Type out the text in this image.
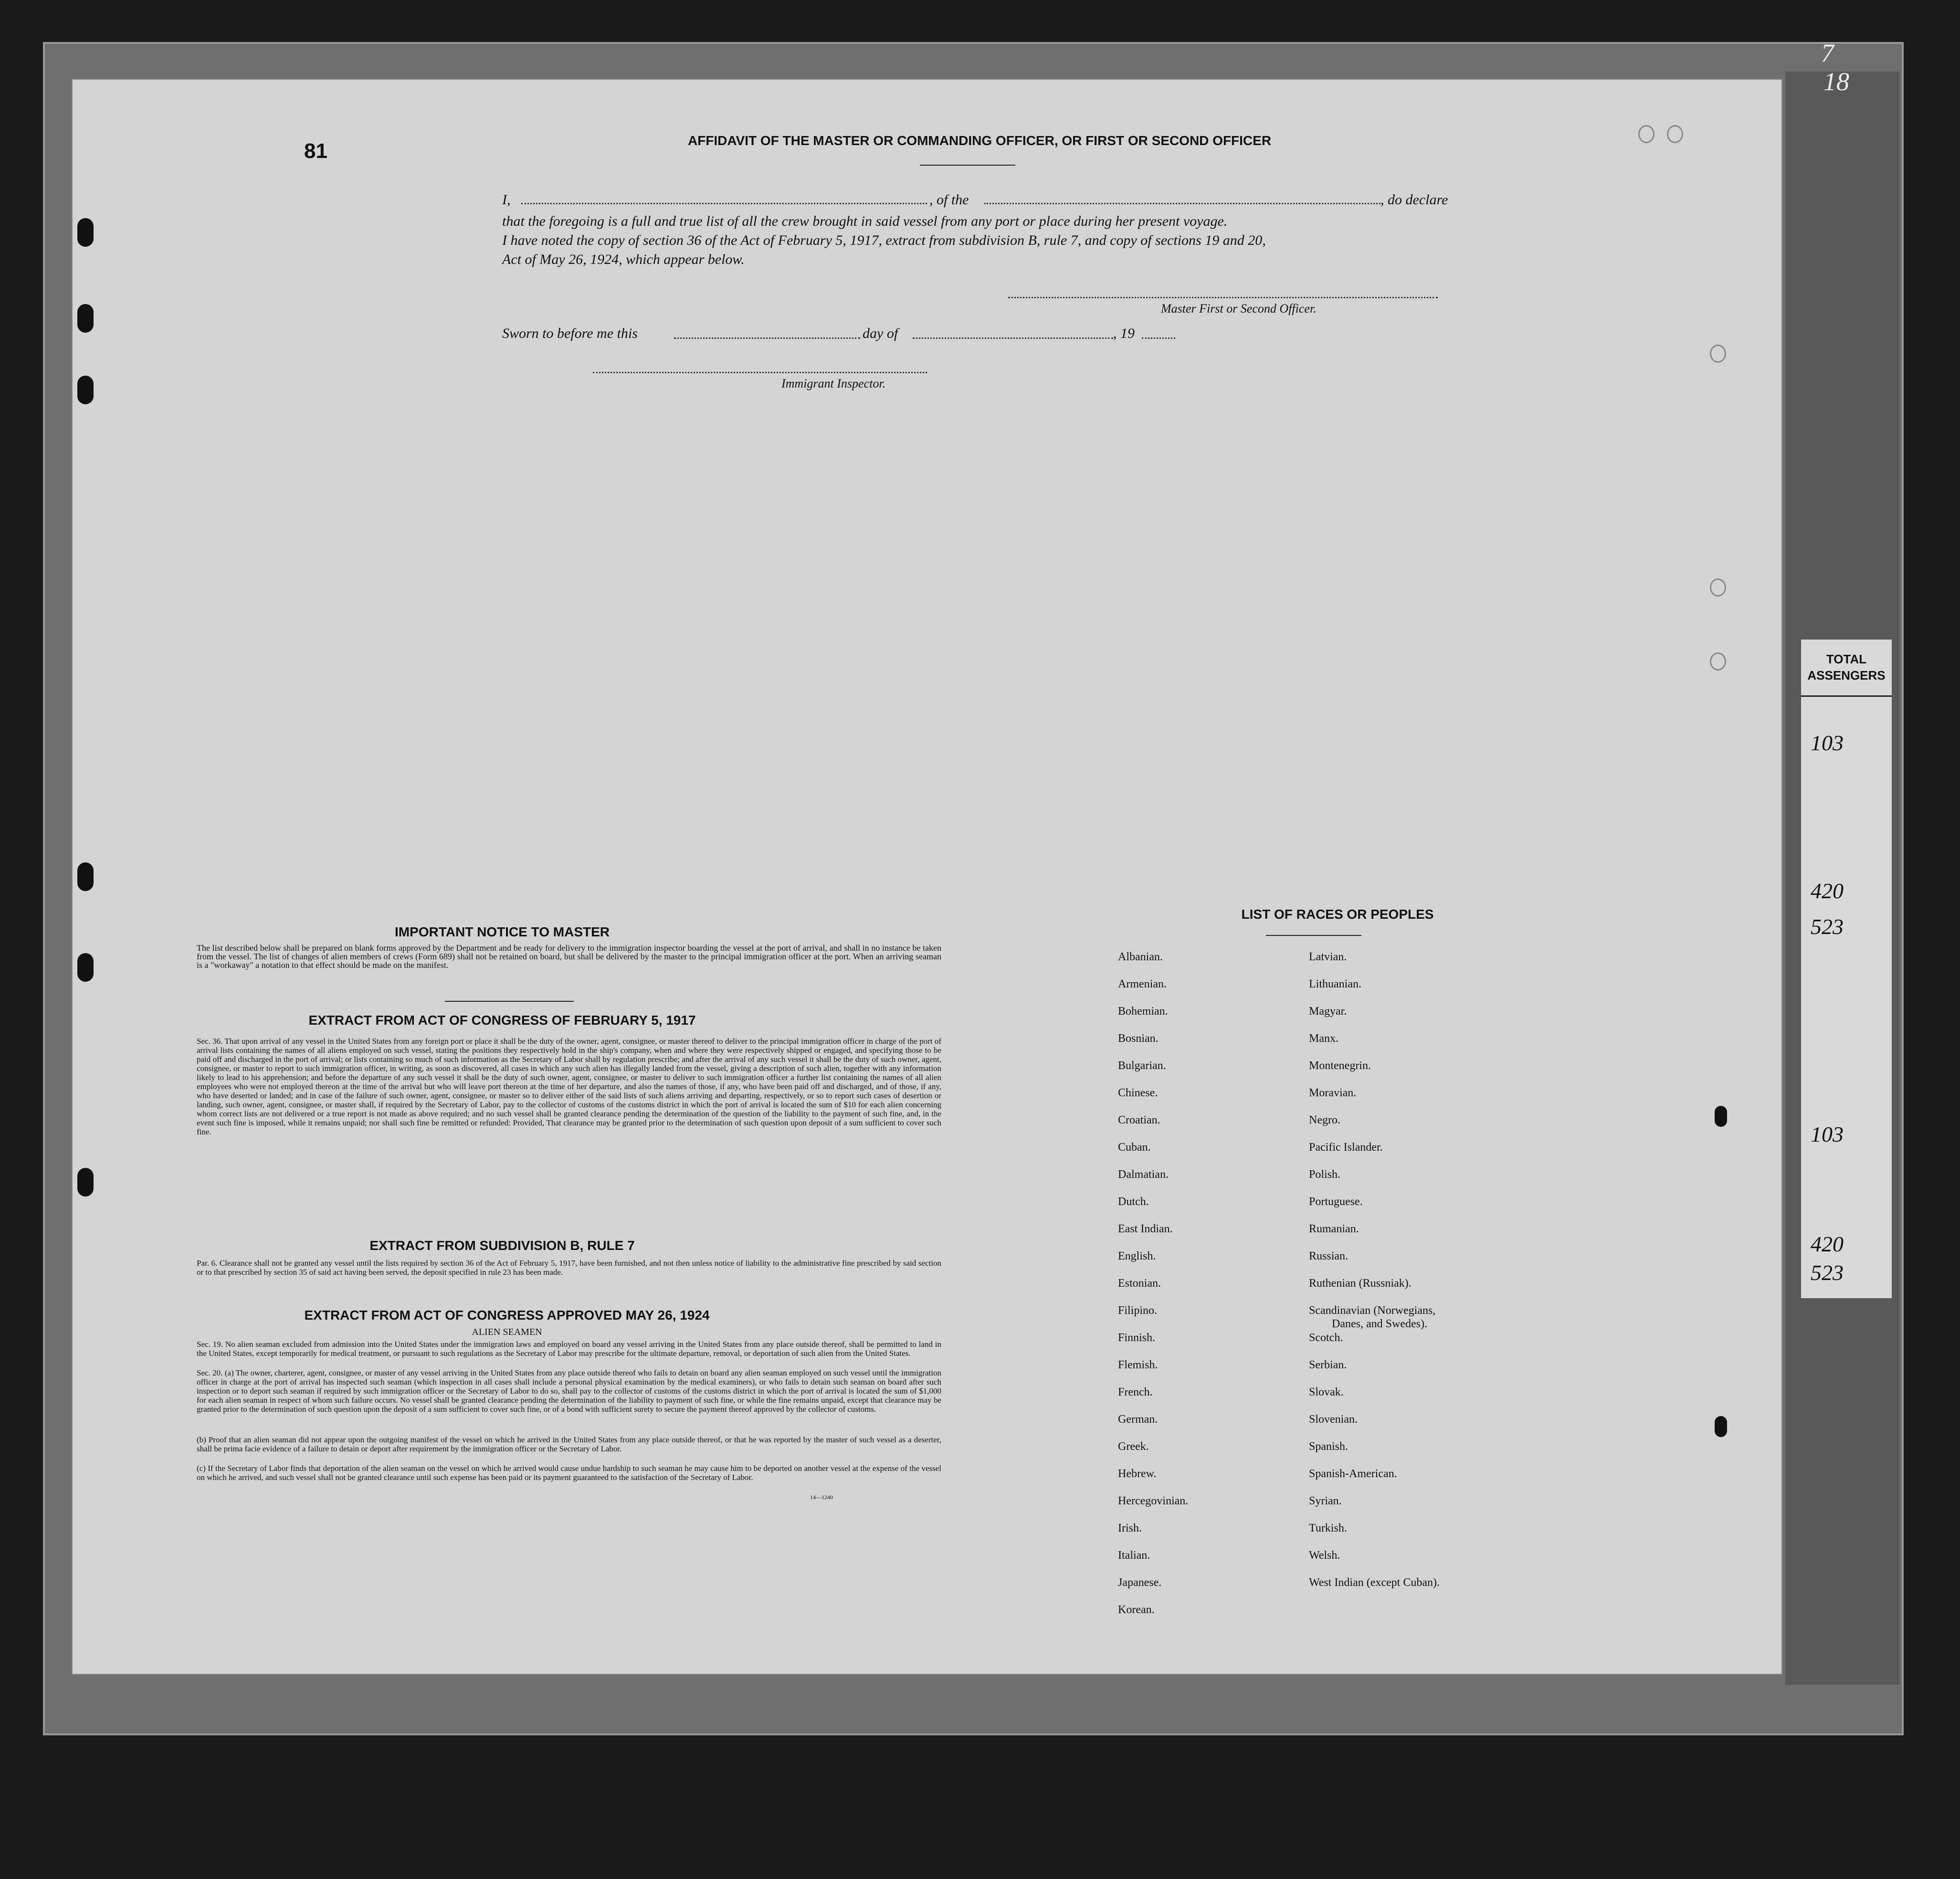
7
18
TOTAL
ASSENGERS
103
420
523
103
420
523
81	AFFIDAVIT OF THE MASTER OR COMMANDING OFFICER, OR FIRST OR SECOND OFFICER
I,	, of the	, do declare
that the foregoing is a full and true list of all the crew brought in said vessel from any port or place during her present voyage.
I have noted the copy of section 36 of the Act of February 5, 1917, extract from subdivision B, rule 7, and copy of sections 19 and 20,
Act of May 26, 1924, which appear below.
Master First or Second Officer.
Sworn to before me this	day of	, 19
Immigrant Inspector.
IMPORTANT NOTICE TO MASTER
The list described below shall be prepared on blank forms approved by the Department and be ready for delivery to the immigration inspector boarding the vessel at the port of arrival, and shall in no instance be taken from the vessel. The list of changes of alien members of crews (Form 689) shall not be retained on board, but shall be delivered by the master to the principal immigration officer at the port. When an arriving seaman is a "workaway" a notation to that effect should be made on the manifest.
EXTRACT FROM ACT OF CONGRESS OF FEBRUARY 5, 1917
Sec. 36. That upon arrival of any vessel in the United States from any foreign port or place it shall be the duty of the owner, agent, consignee, or master thereof to deliver to the principal immigration officer in charge of the port of arrival lists containing the names of all aliens employed on such vessel, stating the positions they respectively hold in the ship's company, when and where they were respectively shipped or engaged, and specifying those to be paid off and discharged in the port of arrival; or lists containing so much of such information as the Secretary of Labor shall by regulation prescribe; and after the arrival of any such vessel it shall be the duty of such owner, agent, consignee, or master to report to such immigration officer, in writing, as soon as discovered, all cases in which any such alien has illegally landed from the vessel, giving a description of such alien, together with any information likely to lead to his apprehension; and before the departure of any such vessel it shall be the duty of such owner, agent, consignee, or master to deliver to such immigration officer a further list containing the names of all alien employees who were not employed thereon at the time of the arrival but who will leave port thereon at the time of her departure, and also the names of those, if any, who have been paid off and discharged, and of those, if any, who have deserted or landed; and in case of the failure of such owner, agent, consignee, or master so to deliver either of the said lists of such aliens arriving and departing, respectively, or so to report such cases of desertion or landing, such owner, agent, consignee, or master shall, if required by the Secretary of Labor, pay to the collector of customs of the customs district in which the port of arrival is located the sum of $10 for each alien concerning whom correct lists are not delivered or a true report is not made as above required; and no such vessel shall be granted clearance pending the determination of the question of the liability to the payment of such fine, and, in the event such fine is imposed, while it remains unpaid; nor shall such fine be remitted or refunded: Provided, That clearance may be granted prior to the determination of such question upon deposit of a sum sufficient to cover such fine.
EXTRACT FROM SUBDIVISION B, RULE 7
Par. 6. Clearance shall not be granted any vessel until the lists required by section 36 of the Act of February 5, 1917, have been furnished, and not then unless notice of liability to the administrative fine prescribed by said section or to that prescribed by section 35 of said act having been served, the deposit specified in rule 23 has been made.
EXTRACT FROM ACT OF CONGRESS APPROVED MAY 26, 1924
ALIEN SEAMEN
Sec. 19. No alien seaman excluded from admission into the United States under the immigration laws and employed on board any vessel arriving in the United States from any place outside thereof, shall be permitted to land in the United States, except temporarily for medical treatment, or pursuant to such regulations as the Secretary of Labor may prescribe for the ultimate departure, removal, or deportation of such alien from the United States.
Sec. 20. (a) The owner, charterer, agent, consignee, or master of any vessel arriving in the United States from any place outside thereof who fails to detain on board any alien seaman employed on such vessel until the immigration officer in charge at the port of arrival has inspected such seaman (which inspection in all cases shall include a personal physical examination by the medical examiners), or who fails to detain such seaman on board after such inspection or to deport such seaman if required by such immigration officer or the Secretary of Labor to do so, shall pay to the collector of customs of the customs district in which the port of arrival is located the sum of $1,000 for each alien seaman in respect of whom such failure occurs. No vessel shall be granted clearance pending the determination of the liability to payment of such fine, or while the fine remains unpaid, except that clearance may be granted prior to the determination of such question upon the deposit of a sum sufficient to cover such fine, or of a bond with sufficient surety to secure the payment thereof approved by the collector of customs.
(b) Proof that an alien seaman did not appear upon the outgoing manifest of the vessel on which he arrived in the United States from any place outside thereof, or that he was reported by the master of such vessel as a deserter, shall be prima facie evidence of a failure to detain or deport after requirement by the immigration officer or the Secretary of Labor.
(c) If the Secretary of Labor finds that deportation of the alien seaman on the vessel on which he arrived would cause undue hardship to such seaman he may cause him to be deported on another vessel at the expense of the vessel on which he arrived, and such vessel shall not be granted clearance until such expense has been paid or its payment guaranteed to the satisfaction of the Secretary of Labor.
14—1240
LIST OF RACES OR PEOPLES
Albanian.
Armenian.
Bohemian.
Bosnian.
Bulgarian.
Chinese.
Croatian.
Cuban.
Dalmatian.
Dutch.
East Indian.
English.
Estonian.
Filipino.
Finnish.
Flemish.
French.
German.
Greek.
Hebrew.
Hercegovinian.
Irish.
Italian.
Japanese.
Korean.
Latvian.
Lithuanian.
Magyar.
Manx.
Montenegrin.
Moravian.
Negro.
Pacific Islander.
Polish.
Portuguese.
Rumanian.
Russian.
Ruthenian (Russniak).
Scandinavian (Norwegians,
Danes, and Swedes).
Scotch.
Serbian.
Slovak.
Slovenian.
Spanish.
Spanish-American.
Syrian.
Turkish.
Welsh.
West Indian (except Cuban).
